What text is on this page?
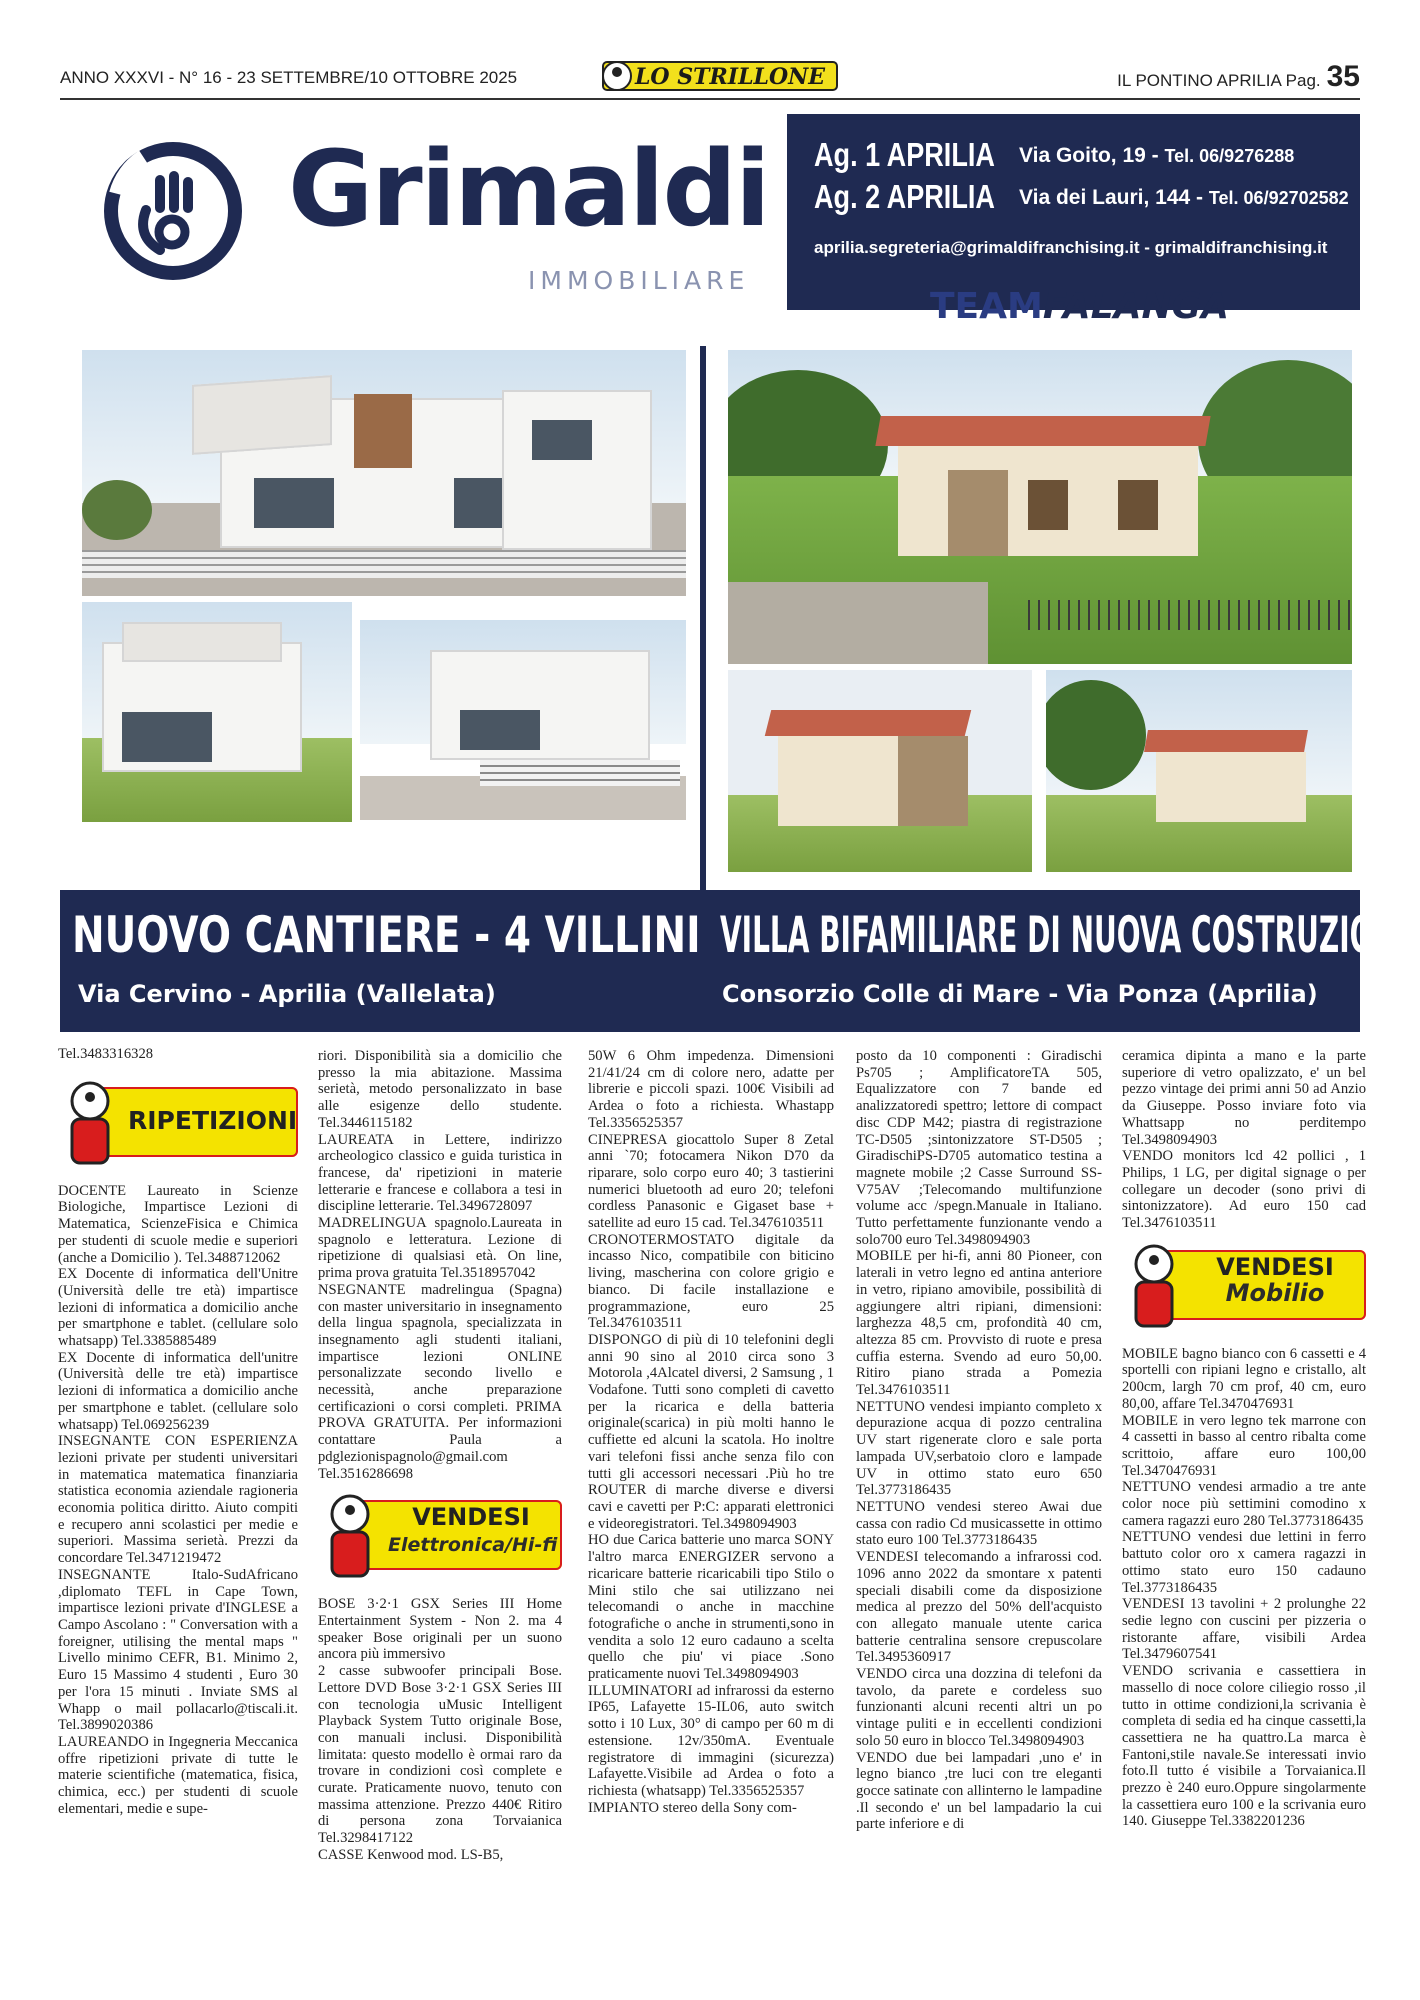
ANNO XXXVI - N° 16 - 23 SETTEMBRE/10 OTTOBRE 2025	LO STRILLONE	IL PONTINO APRILIA Pag. 35
Grimaldi
IMMOBILIARE
Ag. 1 APRILIA Via Goito, 19 - Tel. 06/9276288
Ag. 2 APRILIA Via dei Lauri, 144 - Tel. 06/92702582
aprilia.segreteria@grimaldifranchising.it - grimaldifranchising.it
TEAMFALANGA
NUOVO CANTIERE - 4 VILLINI
Via Cervino - Aprilia (Vallelata)
VILLA BIFAMILIARE DI NUOVA COSTRUZIONE
Consorzio Colle di Mare - Via Ponza (Aprilia)

Tel.3483316328

RIPETIZIONI

DOCENTE Laureato in Scienze Biologiche, Impartisce Lezioni di Matematica, ScienzeFisica e Chimica per studenti di scuole medie e superiori (anche a Domicilio ). Tel.3488712062

EX Docente di informatica dell'Unitre (Università delle tre età) impartisce lezioni di informatica a domicilio anche per smartphone e tablet. (cellulare solo whatsapp) Tel.3385885489

EX Docente di informatica dell'unitre (Università delle tre età) impartisce lezioni di informatica a domicilio anche per smartphone e tablet. (cellulare solo whatsapp) Tel.069256239

INSEGNANTE CON ESPERIENZA lezioni private per studenti universitari in matematica matematica finanziaria statistica economia aziendale ragioneria economia politica diritto. Aiuto compiti e recupero anni scolastici per medie e superiori. Massima serietà. Prezzi da concordare Tel.3471219472

INSEGNANTE Italo-SudAfricano ,diplomato TEFL in Cape Town, impartisce lezioni private d'INGLESE a Campo Ascolano : " Conversation with a foreigner, utilising the mental maps " Livello minimo CEFR, B1. Minimo 2, Euro 15 Massimo 4 studenti , Euro 30 per l'ora 15 minuti . Inviate SMS al Whapp o mail pollacarlo@tiscali.it. Tel.3899020386

LAUREANDO in Ingegneria Meccanica offre ripetizioni private di tutte le materie scientifiche (matematica, fisica, chimica, ecc.) per studenti di scuole elementari, medie e supe-

riori. Disponibilità sia a domicilio che presso la mia abitazione. Massima serietà, metodo personalizzato in base alle esigenze dello studente. Tel.3446115182

LAUREATA in Lettere, indirizzo archeologico classico e guida turistica in francese, da' ripetizioni in materie letterarie e francese e collabora a tesi in discipline letterarie. Tel.3496728097

MADRELINGUA spagnolo.Laureata in spagnolo e letteratura. Lezione di ripetizione di qualsiasi età. On line, prima prova gratuita Tel.3518957042

NSEGNANTE madrelingua (Spagna) con master universitario in insegnamento della lingua spagnola, specializzata in insegnamento agli studenti italiani, impartisce lezioni ONLINE personalizzate secondo livello e necessità, anche preparazione certificazioni o corsi completi. PRIMA PROVA GRATUITA. Per informazioni contattare Paula a pdglezionispagnolo@gmail.com Tel.3516286698

VENDESI
Elettronica/Hi-fi

BOSE 3·2·1 GSX Series III Home Entertainment System - Non 2. ma 4 speaker Bose originali per un suono ancora più immersivo

2 casse subwoofer principali Bose. Lettore DVD Bose 3·2·1 GSX Series III con tecnologia uMusic Intelligent Playback System Tutto originale Bose, con manuali inclusi. Disponibilità limitata: questo modello è ormai raro da trovare in condizioni così complete e curate. Praticamente nuovo, tenuto con massima attenzione. Prezzo 440€ Ritiro di persona zona Torvaianica Tel.3298417122

CASSE Kenwood mod. LS-B5,

50W 6 Ohm impedenza. Dimensioni 21/41/24 cm di colore nero, adatte per librerie e piccoli spazi. 100€ Visibili ad Ardea o foto a richiesta. Whastapp Tel.3356525357

CINEPRESA giocattolo Super 8 Zetal anni `70; fotocamera Nikon D70 da riparare, solo corpo euro 40; 3 tastierini numerici bluetooth ad euro 20; telefoni cordless Panasonic e Gigaset base + satellite ad euro 15 cad. Tel.3476103511

CRONOTERMOSTATO digitale da incasso Nico, compatibile con biticino living, mascherina con colore grigio e bianco. Di facile installazione e programmazione, euro 25 Tel.3476103511

DISPONGO di più di 10 telefonini degli anni 90 sino al 2010 circa sono 3 Motorola ,4Alcatel diversi, 2 Samsung , 1 Vodafone. Tutti sono completi di cavetto per la ricarica e della batteria originale(scarica) in più molti hanno le cuffiette ed alcuni la scatola. Ho inoltre vari telefoni fissi anche senza filo con tutti gli accessori necessari .Più ho tre ROUTER di marche diverse e diversi cavi e cavetti per P:C: apparati elettronici e videoregistratori. Tel.3498094903

HO due Carica batterie uno marca SONY l'altro marca ENERGIZER servono a ricaricare batterie ricaricabili tipo Stilo o Mini stilo che sai utilizzano nei telecomandi o anche in macchine fotografiche o anche in strumenti,sono in vendita a solo 12 euro cadauno a scelta quello che piu' vi piace .Sono praticamente nuovi Tel.3498094903

ILLUMINATORI ad infrarossi da esterno IP65, Lafayette 15-IL06, auto switch sotto i 10 Lux, 30° di campo per 60 m di estensione. 12v/350mA. Eventuale registratore di immagini (sicurezza) Lafayette.Visibile ad Ardea o foto a richiesta (whatsapp) Tel.3356525357

IMPIANTO stereo della Sony com-

posto da 10 componenti : Giradischi Ps705 ; AmplificatoreTA 505, Equalizzatore con 7 bande ed analizzatoredi spettro; lettore di compact disc CDP M42; piastra di registrazione TC-D505 ;sintonizzatore ST-D505 ; GiradischiPS-D705 automatico testina a magnete mobile ;2 Casse Surround SS-V75AV ;Telecomando multifunzione volume acc /spegn.Manuale in Italiano. Tutto perfettamente funzionante vendo a solo700 euro Tel.3498094903

MOBILE per hi-fi, anni 80 Pioneer, con laterali in vetro legno ed antina anteriore in vetro, ripiano amovibile, possibilità di aggiungere altri ripiani, dimensioni: larghezza 48,5 cm, profondità 40 cm, altezza 85 cm. Provvisto di ruote e presa cuffia esterna. Svendo ad euro 50,00. Ritiro piano strada a Pomezia Tel.3476103511

NETTUNO vendesi impianto completo x depurazione acqua di pozzo centralina UV start rigenerate cloro e sale porta lampada UV,serbatoio cloro e lampade UV in ottimo stato euro 650 Tel.3773186435

NETTUNO vendesi stereo Awai due cassa con radio Cd musicassette in ottimo stato euro 100 Tel.3773186435

VENDESI telecomando a infrarossi cod. 1096 anno 2022 da smontare x patenti speciali disabili come da disposizione medica al prezzo del 50% dell'acquisto con allegato manuale utente carica batterie centralina sensore crepuscolare Tel.3495360917

VENDO circa una dozzina di telefoni da tavolo, da parete e cordeless suo funzionanti alcuni recenti altri un po vintage puliti e in eccellenti condizioni solo 50 euro in blocco Tel.3498094903

VENDO due bei lampadari ,uno e' in legno bianco ,tre luci con tre eleganti gocce satinate con allinterno le lampadine .Il secondo e' un bel lampadario la cui parte inferiore e di

ceramica dipinta a mano e la parte superiore di vetro opalizzato, e' un bel pezzo vintage dei primi anni 50 ad Anzio da Giuseppe. Posso inviare foto via Whattsapp no perditempo Tel.3498094903

VENDO monitors lcd 42 pollici , 1 Philips, 1 LG, per digital signage o per collegare un decoder (sono privi di sintonizzatore). Ad euro 150 cad Tel.3476103511

VENDESI
Mobilio

MOBILE bagno bianco con 6 cassetti e 4 sportelli con ripiani legno e cristallo, alt 200cm, largh 70 cm prof, 40 cm, euro 80,00, affare Tel.3470476931

MOBILE in vero legno tek marrone con 4 cassetti in basso al centro ribalta come scrittoio, affare euro 100,00 Tel.3470476931

NETTUNO vendesi armadio a tre ante color noce più settimini comodino x camera ragazzi euro 280 Tel.3773186435

NETTUNO vendesi due lettini in ferro battuto color oro x camera ragazzi in ottimo stato euro 150 cadauno Tel.3773186435

VENDESI 13 tavolini + 2 prolunghe 22 sedie legno con cuscini per pizzeria o ristorante affare, visibili Ardea Tel.3479607541

VENDO scrivania e cassettiera in massello di noce colore ciliegio rosso ,il tutto in ottime condizioni,la scrivania è completa di sedia ed ha cinque cassetti,la cassettiera ne ha quattro.La marca è Fantoni,stile navale.Se interessati invio foto.Il tutto é visibile a Torvaianica.Il prezzo è 240 euro.Oppure singolarmente la cassettiera euro 100 e la scrivania euro 140. Giuseppe Tel.3382201236
